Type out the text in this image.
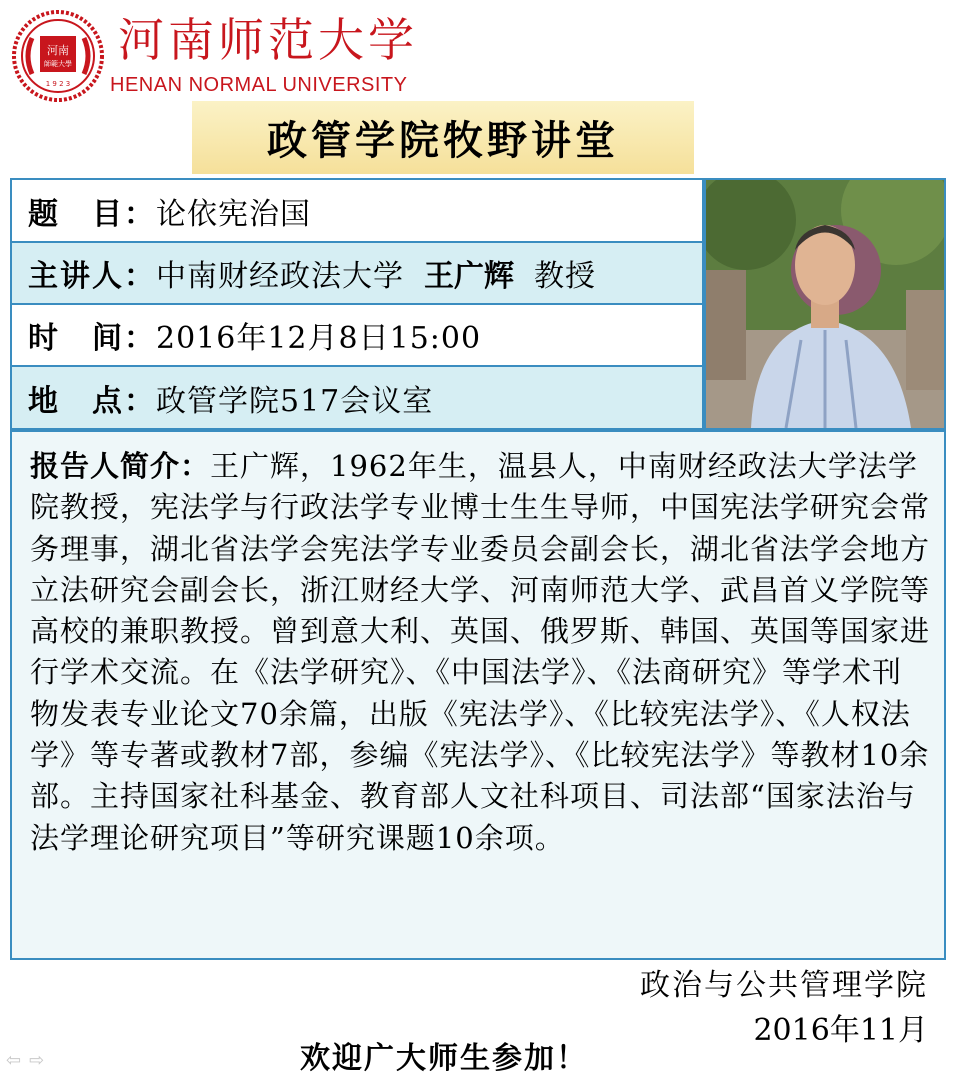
河南
師範大學
1 9 2 3
河南师范大学
HENAN NORMAL UNIVERSITY
政管学院牧野讲堂
题　目： 论依宪治国
主讲人： 中南财经政法大学 王广辉 教授
时　间： 2016年12月8日15:00
地　点： 政管学院517会议室
报告人简介：王广辉，1962年生，温县人，中南财经政法大学法学院教授，宪法学与行政法学专业博士生生导师，中国宪法学研究会常务理事，湖北省法学会宪法学专业委员会副会长，湖北省法学会地方立法研究会副会长，浙江财经大学、河南师范大学、武昌首义学院等高校的兼职教授。曾到意大利、英国、俄罗斯、韩国、英国等国家进行学术交流。在《法学研究》、《中国法学》、《法商研究》等学术刊物发表专业论文70余篇，出版《宪法学》、《比较宪法学》、《人权法学》等专著或教材7部，参编《宪法学》、《比较宪法学》等教材10余部。主持国家社科基金、教育部人文社科项目、司法部“国家法治与法学理论研究项目”等研究课题10余项。
政治与公共管理学院
2016年11月
欢迎广大师生参加！
⇦⇨
